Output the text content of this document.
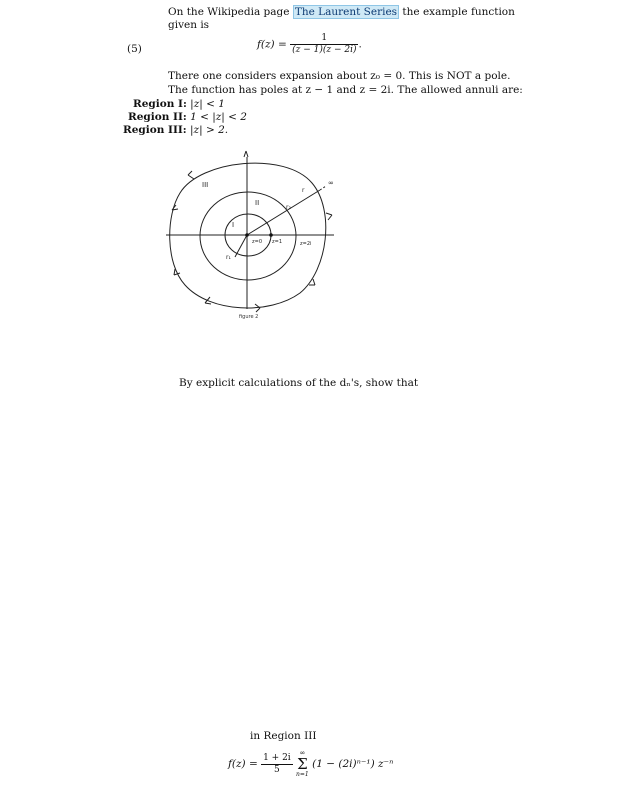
On the Wikipedia page The Laurent Series the example function
given is
(5)	$f(z) = \frac{1}{(z - 1)(z - 2i)}$ .
There one considers expansion about z₀ = 0. This is NOT a pole.
The function has poles at z − 1 and z = 2i. The allowed annuli are:
Region I: |z| < 1
Region II: 1 < |z| < 2
Region III: |z| > 2.
III
II
I
z=0 z=1	z=2i
r₁
r₂
r
∞
figure 2
By explicit calculations of the dₙ's, show that
in Region III
$f(z) = \frac{1 + 2i}{5}$
∞
Σ
n=1
(1 − (2i)ⁿ⁻¹) z⁻ⁿ
